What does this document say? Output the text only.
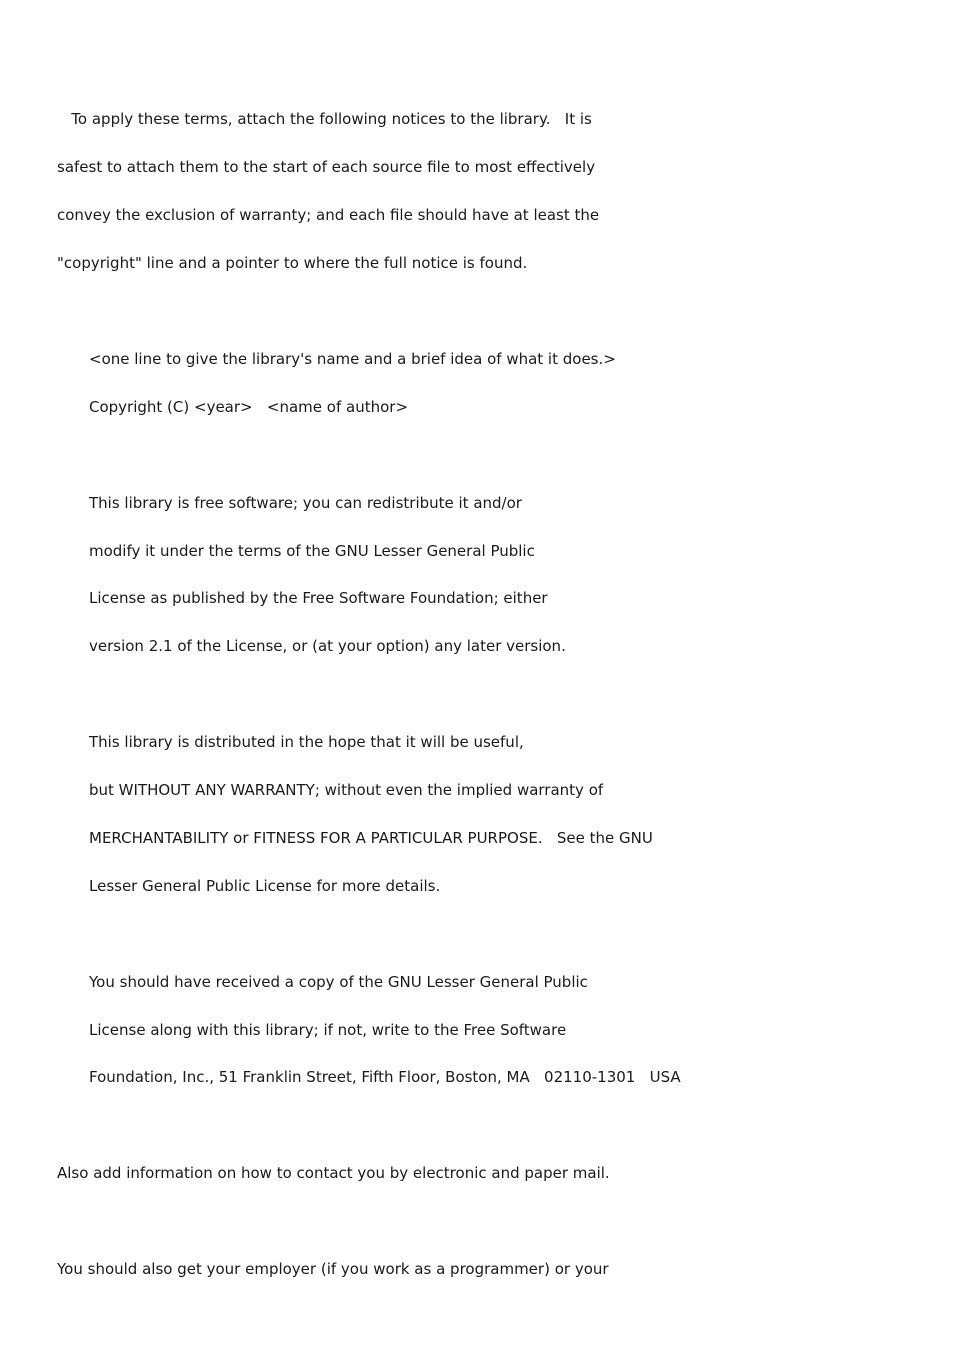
To apply these terms, attach the following notices to the library.   It is

safest to attach them to the start of each source file to most effectively

convey the exclusion of warranty; and each file should have at least the

"copyright" line and a pointer to where the full notice is found.

<one line to give the library's name and a brief idea of what it does.>

Copyright (C) <year>   <name of author>

This library is free software; you can redistribute it and/or

modify it under the terms of the GNU Lesser General Public

License as published by the Free Software Foundation; either

version 2.1 of the License, or (at your option) any later version.

This library is distributed in the hope that it will be useful,

but WITHOUT ANY WARRANTY; without even the implied warranty of

MERCHANTABILITY or FITNESS FOR A PARTICULAR PURPOSE.   See the GNU

Lesser General Public License for more details.

You should have received a copy of the GNU Lesser General Public

License along with this library; if not, write to the Free Software

Foundation, Inc., 51 Franklin Street, Fifth Floor, Boston, MA   02110-1301   USA

Also add information on how to contact you by electronic and paper mail.

You should also get your employer (if you work as a programmer) or your
